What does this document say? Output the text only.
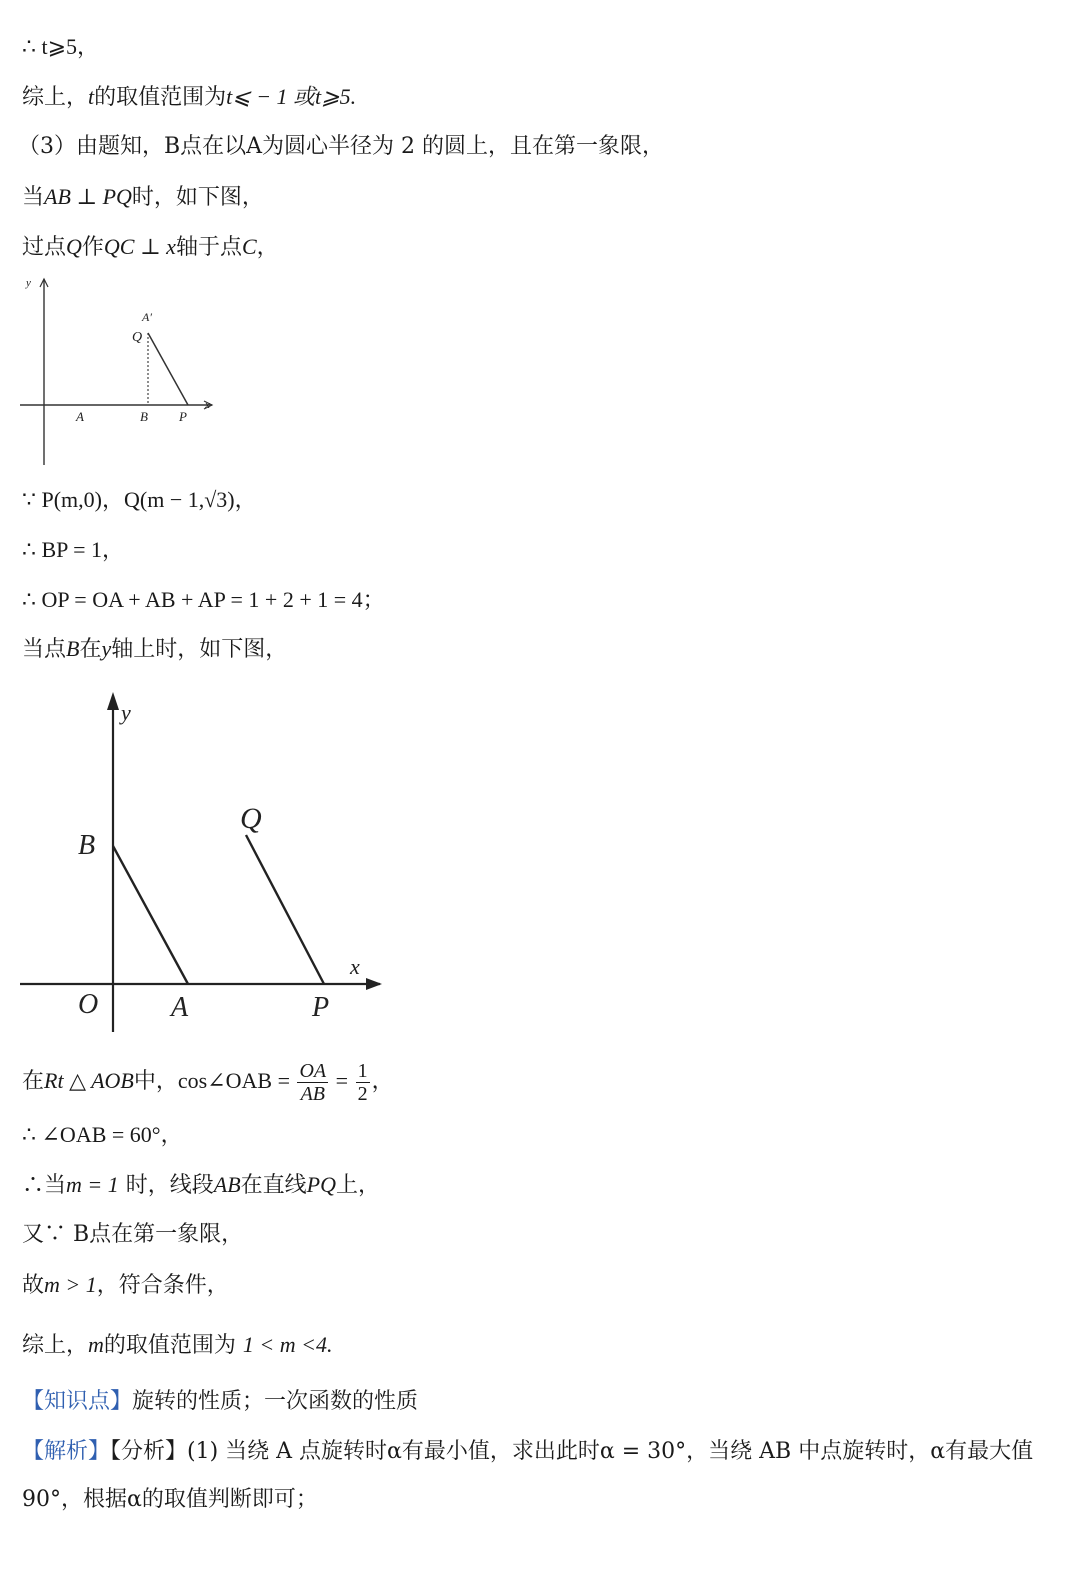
∴ t⩾5，
综上，t的取值范围为t⩽ − 1 或t⩾5.
（3）由题知，B点在以A为圆心半径为 2 的圆上，且在第一象限，
当AB ⊥ PQ时，如下图，
过点Q作QC ⊥ x轴于点C，
y
x
A′
Q
A	B P
∵ P(m,0)，Q(m − 1,√3)，
∴ BP = 1，
∴ OP = OA + AB + AP = 1 + 2 + 1 = 4；
当点B在y轴上时，如下图，
y
x
B
Q
O	A	P
在Rt △ AOB中，cos∠OAB = $\frac{OA}{AB} = \frac{1}{2}$ ，
∴ ∠OAB = 60°，
∴当m = 1 时，线段AB在直线PQ上，
又∵ B点在第一象限，
故m > 1，符合条件，
综上，m的取值范围为 1 < m <4.
【知识点】旋转的性质；一次函数的性质
【解析】【分析】(1) 当绕 A 点旋转时α有最小值，求出此时α = 30°，当绕 AB 中点旋转时，α有最大值 90°，根据α的取值判断即可；
